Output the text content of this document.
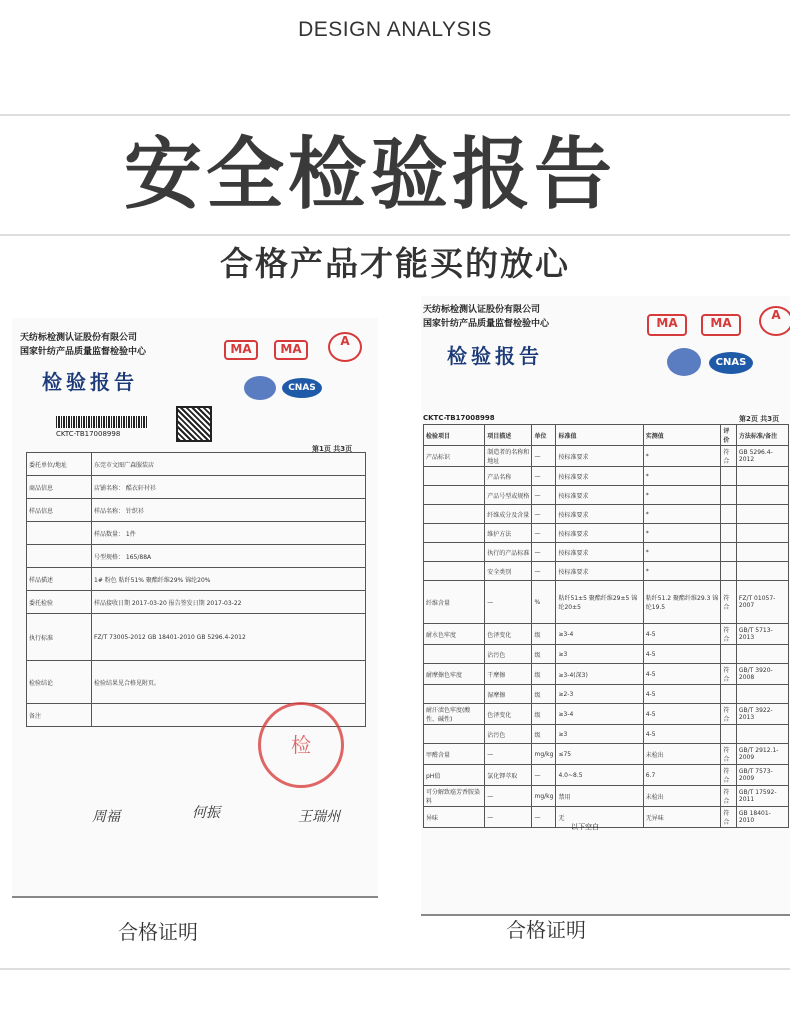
DESIGN ANALYSIS
安全检验报告
合格产品才能买的放心
天纺标检测认证股份有限公司
国家针纺产品质量监督检验中心	MA	MA
A
CNAS
检验报告
CKTC-TB17008998
第1页 共3页
委托单位/地址	东莞市文图广森服装店
商品信息	店铺名称： 酷衣轩衬衫
样品信息	样品名称： 针织衫
	样品数量： 1件
	号型规格： 165/88A
样品描述	1# 粉色 粘纤51% 聚酯纤维29% 锦纶20%
委托检验	样品接收日期 2017-03-20 报告签发日期 2017-03-22
执行标准	FZ/T 73005-2012 GB 18401-2010 GB 5296.4-2012
检验结论	检验结果见合格见附页。
备注	
检
周福	何振	王瑞州
合格证明
天纺标检测认证股份有限公司
国家针纺产品质量监督检验中心	MA	MA
A
CNAS
检验报告
CKTC-TB17008998	第2页 共3页
检验项目	项目描述	单位	标准值	实测值	评价	方法标准/备注
产品标识	制造者的名称和地址	—	按标准要求	*	符合	GB 5296.4-2012
	产品名称	—	按标准要求	*		
	产品号型或规格	—	按标准要求	*		
	纤维成分及含量	—	按标准要求	*		
	维护方法	—	按标准要求	*		
	执行的产品标准	—	按标准要求	*		
	安全类别	—	按标准要求	*		
纤维含量	—	%	粘纤51±5 聚酯纤维29±5 锦纶20±5	粘纤51.2 聚酯纤维29.3 锦纶19.5	符合	FZ/T 01057-2007
耐水色牢度	色泽变化	级	≥3-4	4-5	符合	GB/T 5713-2013
	沾污色	级	≥3	4-5		
耐摩擦色牢度	干摩擦	级	≥3-4(深3)	4-5	符合	GB/T 3920-2008
	湿摩擦	级	≥2-3	4-5		
耐汗渍色牢度(酸性、碱性)	色泽变化	级	≥3-4	4-5	符合	GB/T 3922-2013
	沾污色	级	≥3	4-5		
甲醛含量	—	mg/kg	≤75	未检出	符合	GB/T 2912.1-2009
pH值	氯化钾萃取	—	4.0~8.5	6.7	符合	GB/T 7573-2009
可分解致癌芳香胺染料	—	mg/kg	禁用	未检出	符合	GB/T 17592-2011
异味	—	—	无	无异味	符合	GB 18401-2010
以下空白
合格证明
